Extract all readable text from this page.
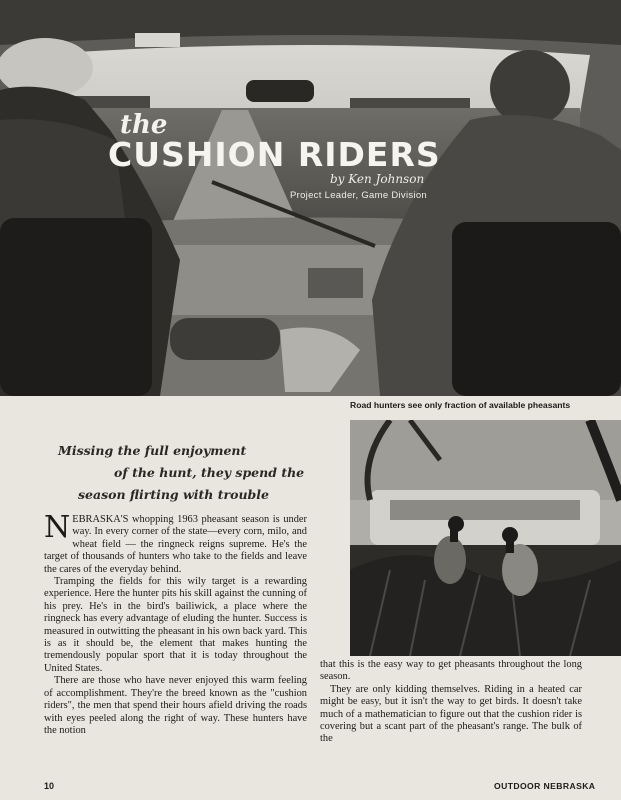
the
CUSHION RIDERS
by Ken Johnson
Project Leader, Game Division
Road hunters see only fraction of available pheasants
Missing the full enjoyment
of the hunt, they spend the
season flirting with trouble

NEBRASKA'S whopping 1963 pheasant season is under way. In every corner of the state—every corn, milo, and wheat field — the ringneck reigns supreme. He's the target of thousands of hunters who take to the fields and leave the cares of the everyday behind.

Tramping the fields for this wily target is a rewarding experience. Here the hunter pits his skill against the cunning of his prey. He's in the bird's bailiwick, a place where the ringneck has every advantage of eluding the hunter. Success is measured in outwitting the pheasant in his own back yard. This is as it should be, the element that makes hunting the tremendously popular sport that it is today throughout the United States.

There are those who have never enjoyed this warm feeling of accomplishment. They're the breed known as the "cushion riders", the men that spend their hours afield driving the roads with eyes peeled along the right of way. These hunters have the notion

that this is the easy way to get pheasants throughout the long season.

They are only kidding themselves. Riding in a heated car might be easy, but it isn't the way to get birds. It doesn't take much of a mathematician to figure out that the cushion rider is covering but a scant part of the pheasant's range. The bulk of the

10	OUTDOOR NEBRASKA
